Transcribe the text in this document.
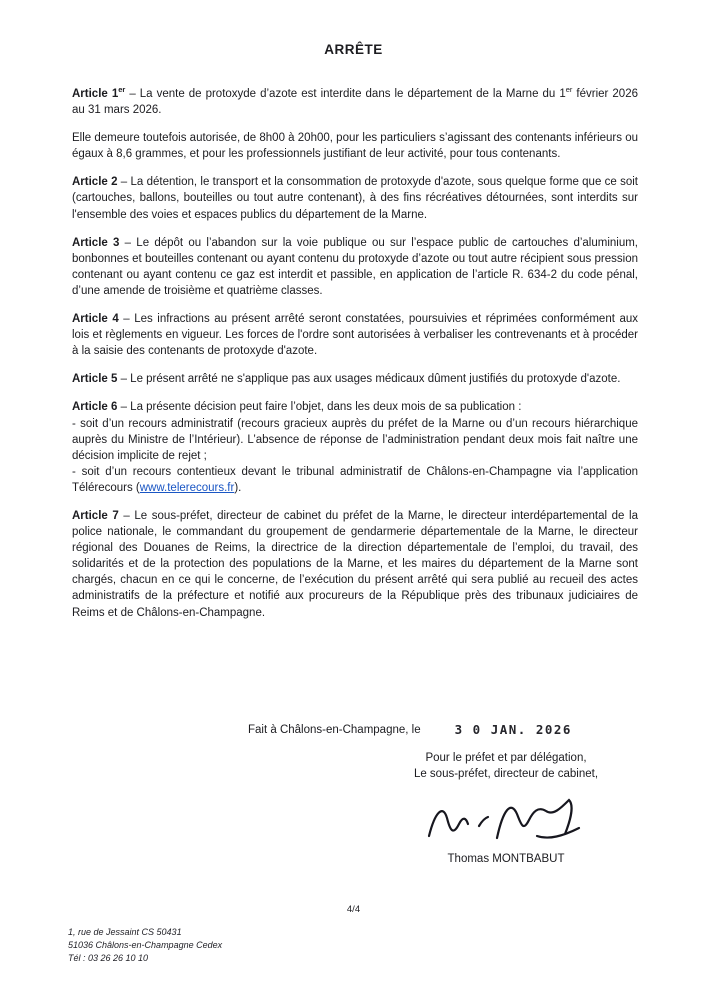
ARRÊTE

Article 1er – La vente de protoxyde d’azote est interdite dans le département de la Marne du 1er février 2026 au 31 mars 2026.

Elle demeure toutefois autorisée, de 8h00 à 20h00, pour les particuliers s’agissant des contenants inférieurs ou égaux à 8,6 grammes, et pour les professionnels justifiant de leur activité, pour tous contenants.

Article 2 – La détention, le transport et la consommation de protoxyde d'azote, sous quelque forme que ce soit (cartouches, ballons, bouteilles ou tout autre contenant), à des fins récréatives détournées, sont interdits sur l'ensemble des voies et espaces publics du département de la Marne.

Article 3 – Le dépôt ou l’abandon sur la voie publique ou sur l’espace public de cartouches d’aluminium, bonbonnes et bouteilles contenant ou ayant contenu du protoxyde d’azote ou tout autre récipient sous pression contenant ou ayant contenu ce gaz est interdit et passible, en application de l’article R. 634-2 du code pénal, d’une amende de troisième et quatrième classes.

Article 4 – Les infractions au présent arrêté seront constatées, poursuivies et réprimées conformément aux lois et règlements en vigueur. Les forces de l'ordre sont autorisées à verbaliser les contrevenants et à procéder à la saisie des contenants de protoxyde d'azote.

Article 5 – Le présent arrêté ne s'applique pas aux usages médicaux dûment justifiés du protoxyde d'azote.

Article 6 – La présente décision peut faire l’objet, dans les deux mois de sa publication :
- soit d’un recours administratif (recours gracieux auprès du préfet de la Marne ou d’un recours hiérarchique auprès du Ministre de l’Intérieur). L’absence de réponse de l’administration pendant deux mois fait naître une décision implicite de rejet ;
- soit d’un recours contentieux devant le tribunal administratif de Châlons-en-Champagne via l’application Télérecours (www.telerecours.fr).

Article 7 – Le sous-préfet, directeur de cabinet du préfet de la Marne, le directeur interdépartemental de la police nationale, le commandant du groupement de gendarmerie départementale de la Marne, le directeur régional des Douanes de Reims, la directrice de la direction départementale de l’emploi, du travail, des solidarités et de la protection des populations de la Marne, et les maires du département de la Marne sont chargés, chacun en ce qui le concerne, de l’exécution du présent arrêté qui sera publié au recueil des actes administratifs de la préfecture et notifié aux procureurs de la République près des tribunaux judiciaires de Reims et de Châlons-en-Champagne.

Fait à Châlons-en-Champagne, le	3 0 JAN. 2026
Pour le préfet et par délégation,
Le sous-préfet, directeur de cabinet,
Thomas MONTBABUT
4/4
1, rue de Jessaint CS 50431
51036 Châlons-en-Champagne Cedex
Tél : 03 26 26 10 10
